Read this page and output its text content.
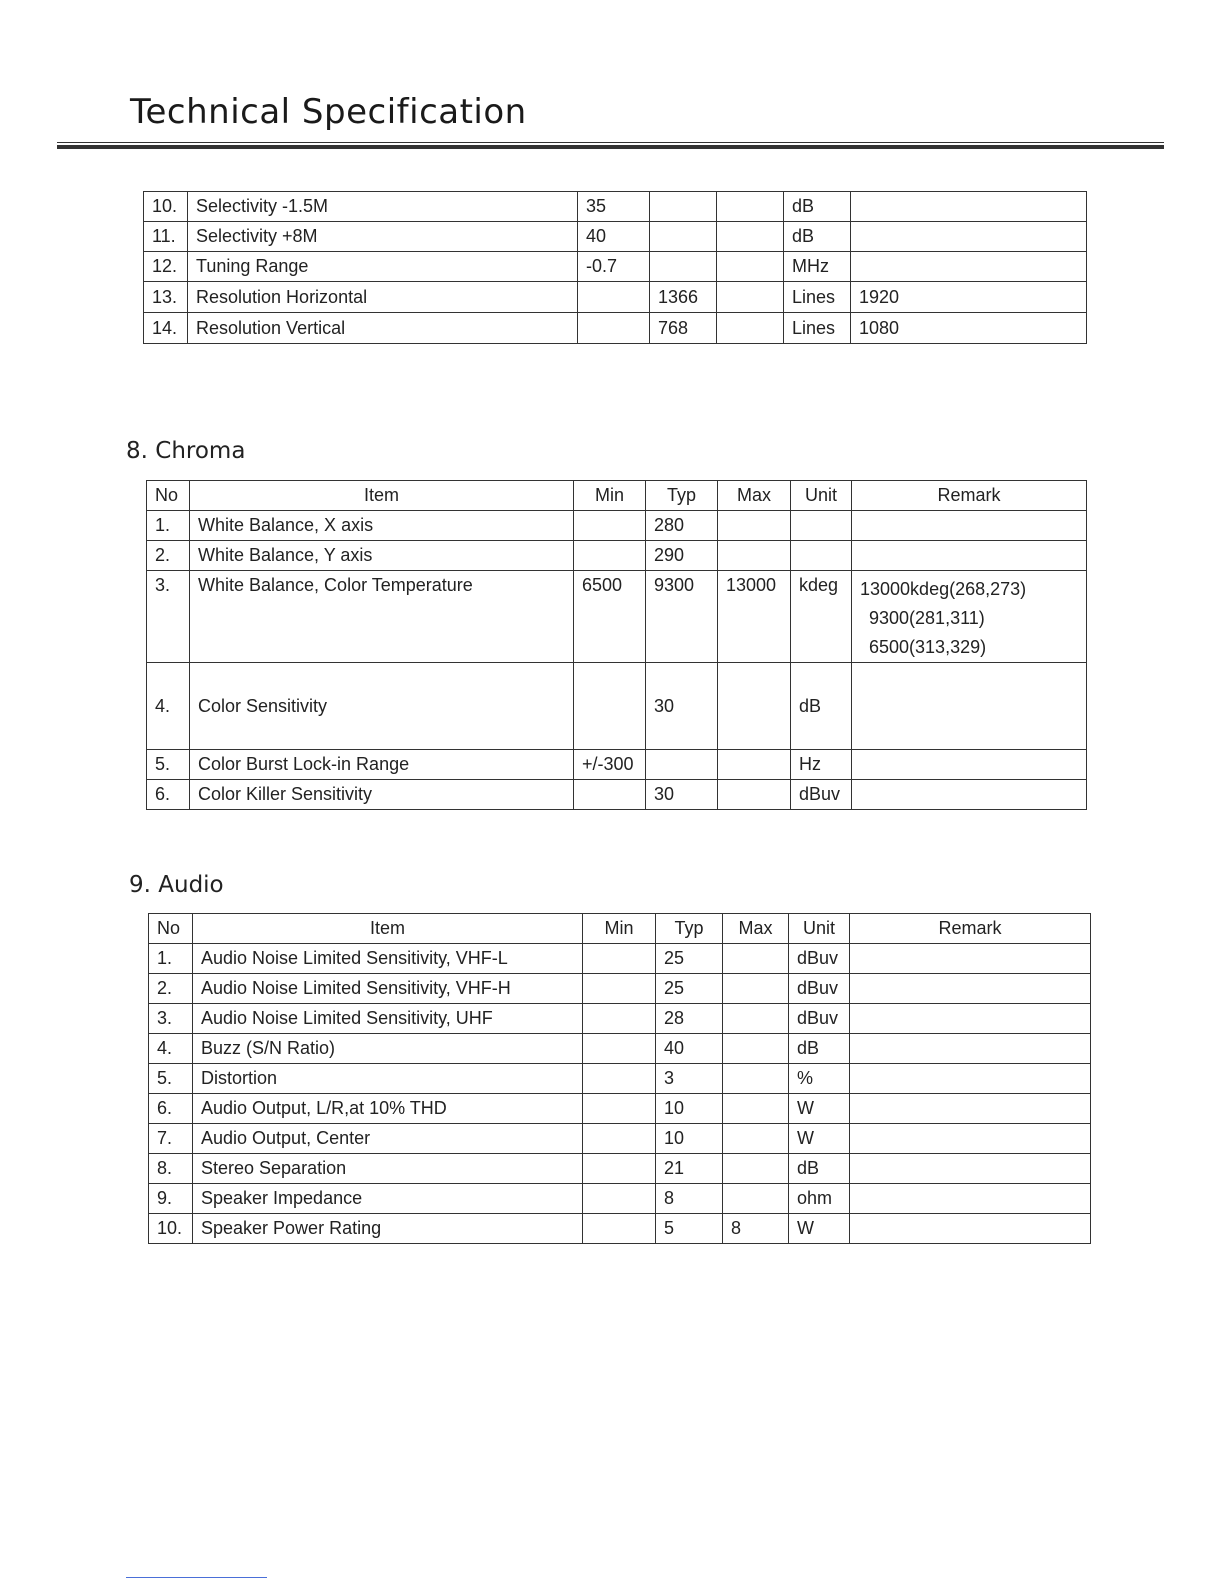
Technical Specification
10.	Selectivity -1.5M	35			dB	
11.	Selectivity +8M	40			dB	
12.	Tuning Range	-0.7			MHz	
13.	Resolution Horizontal		1366		Lines	1920
14.	Resolution Vertical		768		Lines	1080
8. Chroma
No	Item	Min	Typ	Max	Unit	Remark
1.	White Balance, X axis		280			
2.	White Balance, Y axis		290			
3.	White Balance, Color Temperature	6500	9300	13000	kdeg	13000kdeg(268,273)
9300(281,311)
6500(313,329)

4.	Color Sensitivity		30		dB	
5.	Color Burst Lock-in Range	+/-300			Hz	
6.	Color Killer Sensitivity		30		dBuv	
9. Audio
No	Item	Min	Typ	Max	Unit	Remark
1.	Audio Noise Limited Sensitivity, VHF-L		25		dBuv	
2.	Audio Noise Limited Sensitivity, VHF-H		25		dBuv	
3.	Audio Noise Limited Sensitivity, UHF		28		dBuv	
4.	Buzz (S/N Ratio)		40		dB	
5.	Distortion		3		%	
6.	Audio Output, L/R,at 10% THD		10		W	
7.	Audio Output, Center		10		W	
8.	Stereo Separation		21		dB	
9.	Speaker Impedance		8		ohm	
10.	Speaker Power Rating		5	8	W	
